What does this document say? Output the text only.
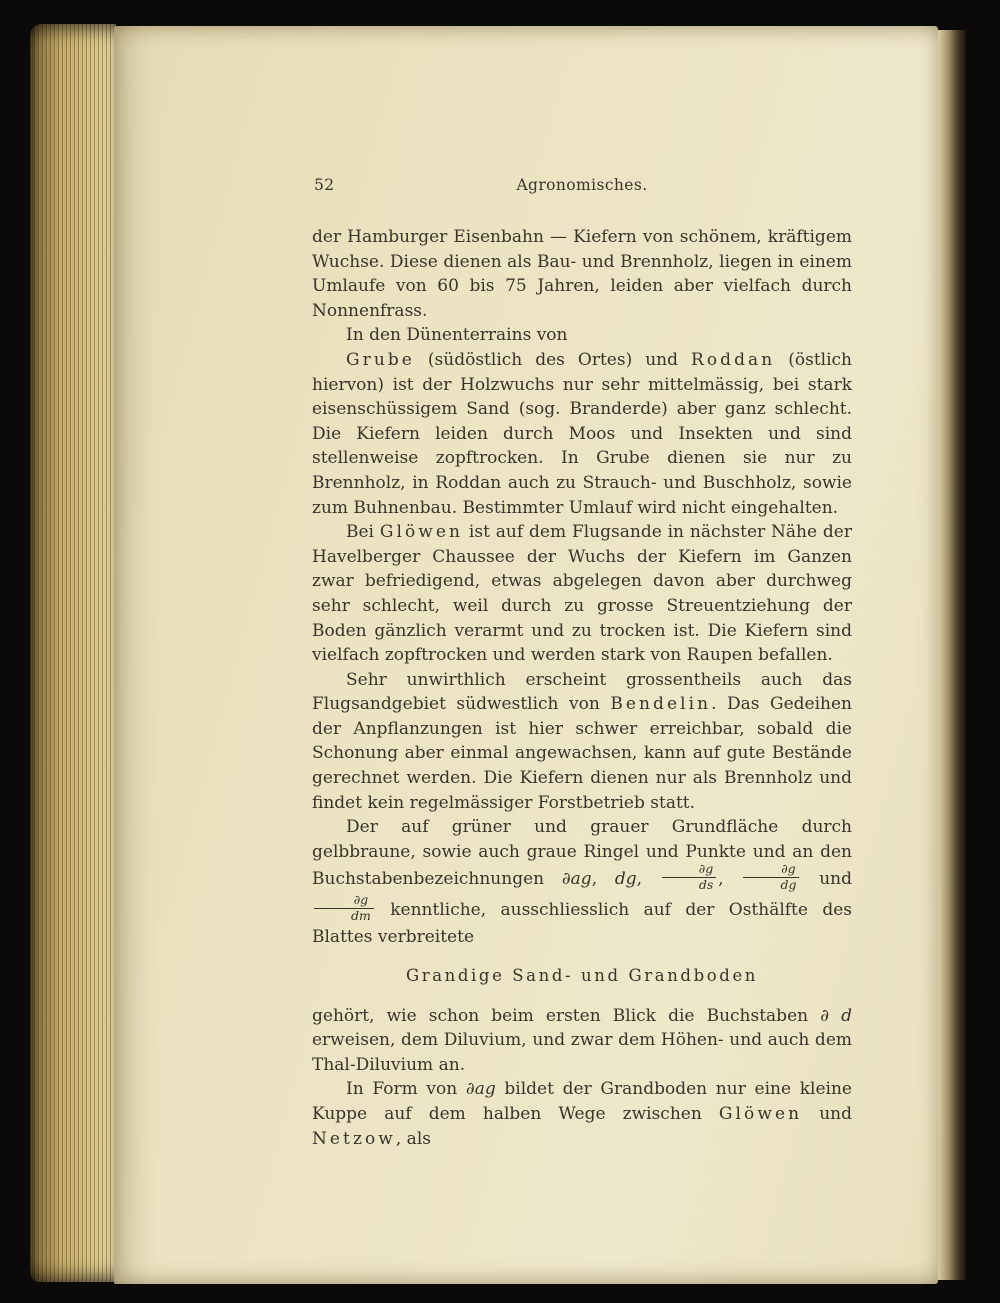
52	Agronomisches.

der Hamburger Eisenbahn — Kiefern von schönem, kräftigem Wuchse. Diese dienen als Bau- und Brennholz, liegen in einem Umlaufe von 60 bis 75 Jahren, leiden aber vielfach durch Nonnenfrass.

In den Dünenterrains von

Grube (südöstlich des Ortes) und Roddan (östlich hiervon) ist der Holzwuchs nur sehr mittelmässig, bei stark eisenschüssigem Sand (sog. Branderde) aber ganz schlecht. Die Kiefern leiden durch Moos und Insekten und sind stellenweise zopftrocken. In Grube dienen sie nur zu Brennholz, in Roddan auch zu Strauch- und Buschholz, sowie zum Buhnenbau. Bestimmter Umlauf wird nicht eingehalten.

Bei Glöwen ist auf dem Flugsande in nächster Nähe der Havelberger Chaussee der Wuchs der Kiefern im Ganzen zwar befriedigend, etwas abgelegen davon aber durchweg sehr schlecht, weil durch zu grosse Streuentziehung der Boden gänzlich verarmt und zu trocken ist. Die Kiefern sind vielfach zopftrocken und werden stark von Raupen befallen.

Sehr unwirthlich erscheint grossentheils auch das Flugsandgebiet südwestlich von Bendelin. Das Gedeihen der Anpflanzungen ist hier schwer erreichbar, sobald die Schonung aber einmal angewachsen, kann auf gute Bestände gerechnet werden. Die Kiefern dienen nur als Brennholz und findet kein regelmässiger Forstbetrieb statt.

Der auf grüner und grauer Grundfläche durch gelbbraune, sowie auch graue Ringel und Punkte und an den Buchstabenbezeichnungen ∂ag, dg, $\frac{\partial g}{ds}$ , $\frac{\partial g}{dg}$ und
$\frac{\partial g}{dm}$ kenntliche, ausschliesslich auf der Osthälfte des Blattes verbreitete

Grandige Sand- und Grandboden

gehört, wie schon beim ersten Blick die Buchstaben ∂ d erweisen, dem Diluvium, und zwar dem Höhen- und auch dem Thal-Diluvium an.

In Form von ∂ag bildet der Grandboden nur eine kleine Kuppe auf dem halben Wege zwischen Glöwen und Netzow, als
